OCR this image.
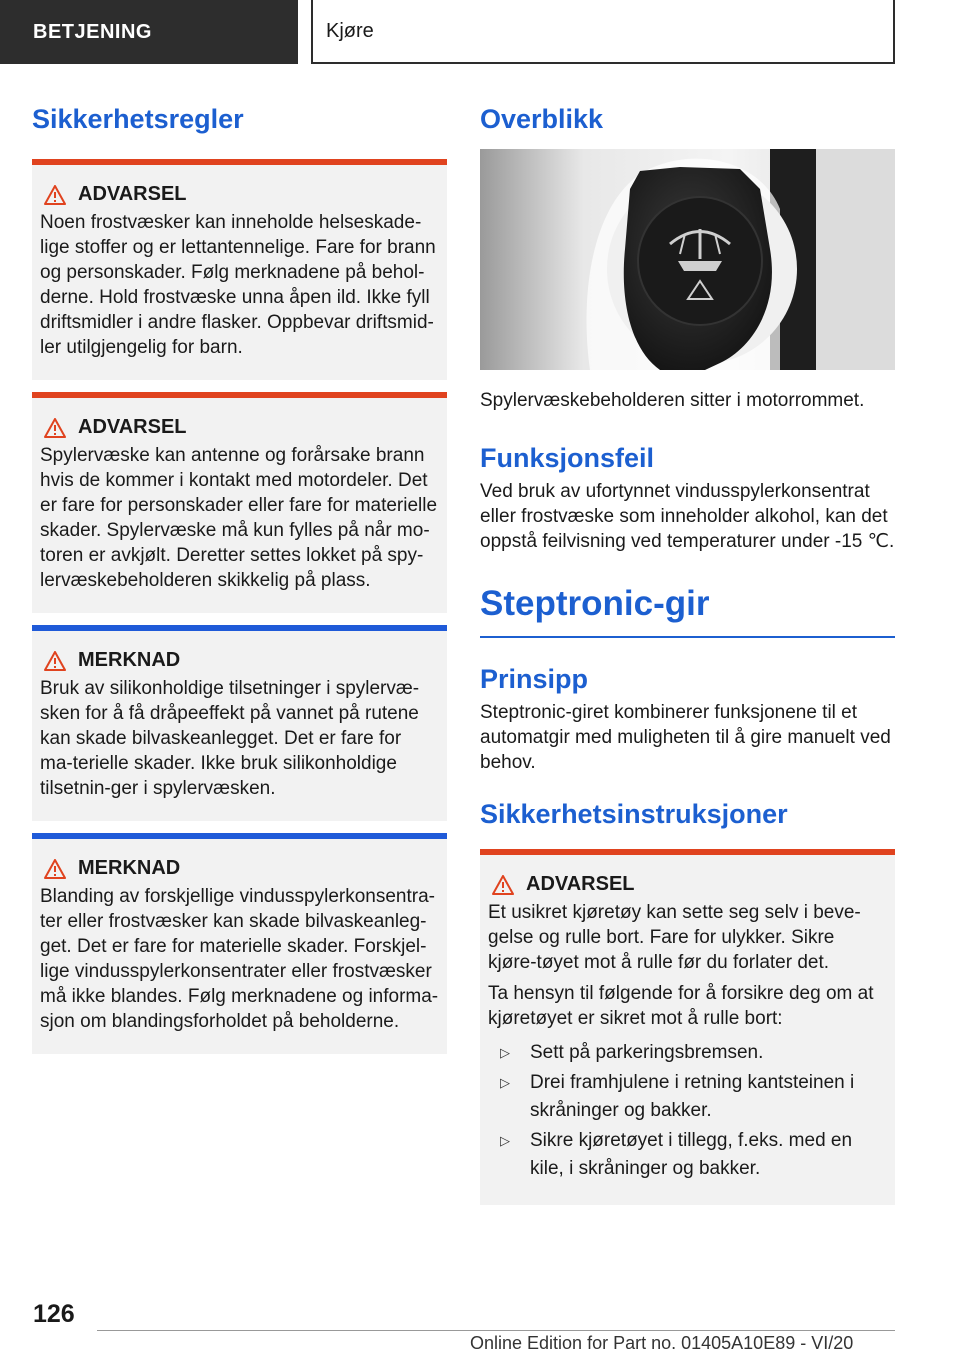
BETJENING	Kjøre
Sikkerhetsregler
ADVARSEL

Noen frostvæsker kan inneholde helseskade-lige stoffer og er lettantennelige. Fare for brann og personskader. Følg merknadene på behol-derne. Hold frostvæske unna åpen ild. Ikke fyll driftsmidler i andre flasker. Oppbevar driftsmid-ler utilgjengelig for barn.

ADVARSEL

Spylervæske kan antenne og forårsake brann hvis de kommer i kontakt med motordeler. Det er fare for personskader eller fare for materielle skader. Spylervæske må kun fylles på når mo-toren er avkjølt. Deretter settes lokket på spy-lervæskebeholderen skikkelig på plass.

MERKNAD

Bruk av silikonholdige tilsetninger i spylervæ-sken for å få dråpeeffekt på vannet på rutene kan skade bilvaskeanlegget. Det er fare for ma-terielle skader. Ikke bruk silikonholdige tilsetnin-ger i spylervæsken.

MERKNAD

Blanding av forskjellige vindusspylerkonsentra-ter eller frostvæsker kan skade bilvaskeanleg-get. Det er fare for materielle skader. Forskjel-lige vindusspylerkonsentrater eller frostvæsker må ikke blandes. Følg merknadene og informa-sjon om blandingsforholdet på beholderne.

Overblikk

Spylervæskebeholderen sitter i motorrommet.

Funksjonsfeil

Ved bruk av ufortynnet vindusspylerkonsentrat eller frostvæske som inneholder alkohol, kan det oppstå feilvisning ved temperaturer under -15 ℃.

Steptronic-gir
Prinsipp

Steptronic-giret kombinerer funksjonene til et automatgir med muligheten til å gire manuelt ved behov.

Sikkerhetsinstruksjoner
ADVARSEL

Et usikret kjøretøy kan sette seg selv i beve-gelse og rulle bort. Fare for ulykker. Sikre kjøre-tøyet mot å rulle før du forlater det.

Ta hensyn til følgende for å forsikre deg om at kjøretøyet er sikret mot å rulle bort:

▷	Sett på parkeringsbremsen.
▷	Drei framhjulene i retning kantsteinen i skråninger og bakker.
▷	Sikre kjøretøyet i tillegg, f.eks. med en kile, i skråninger og bakker.
126
Online Edition for Part no. 01405A10E89 - VI/20
